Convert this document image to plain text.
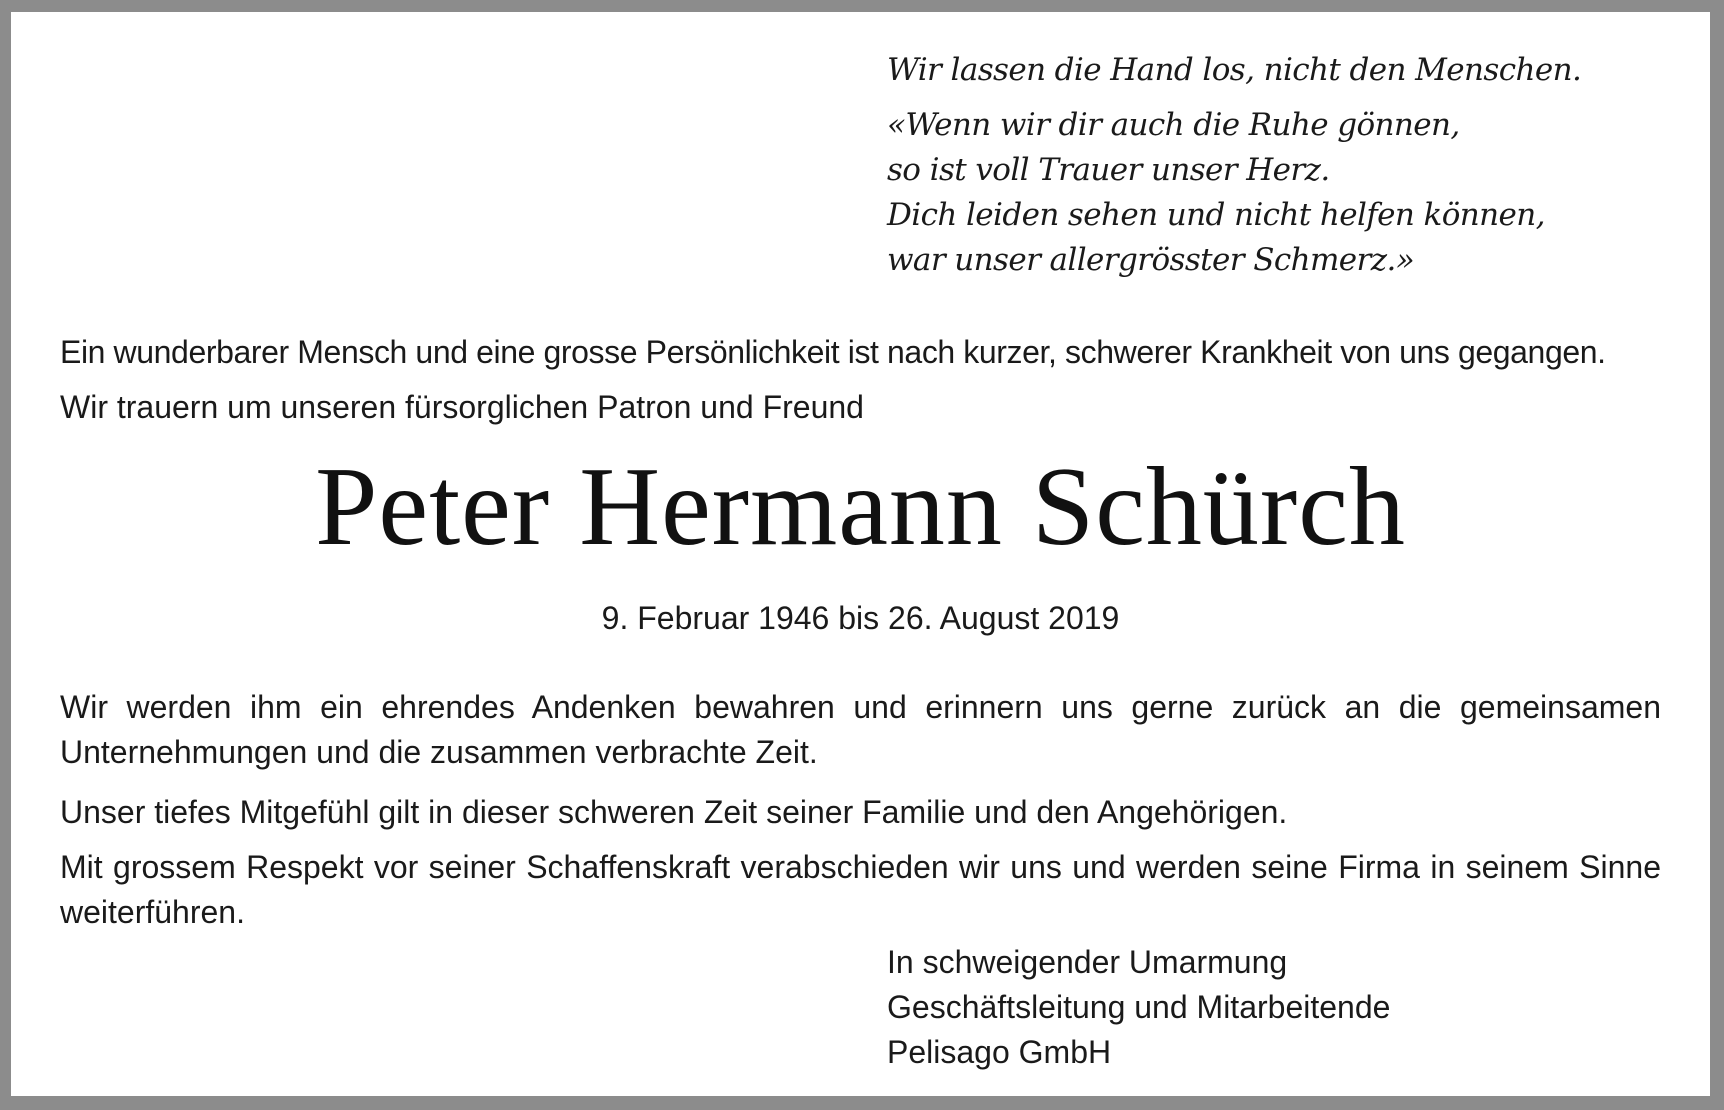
Wir lassen die Hand los, nicht den Menschen.
«Wenn wir dir auch die Ruhe gönnen,
so ist voll Trauer unser Herz.
Dich leiden sehen und nicht helfen können,
war unser allergrösster Schmerz.»
Ein wunderbarer Mensch und eine grosse Persönlichkeit ist nach kurzer, schwerer Krankheit von uns gegangen.
Wir trauern um unseren fürsorglichen Patron und Freund
Peter Hermann Schürch
9. Februar 1946 bis 26. August 2019
Wir werden ihm ein ehrendes Andenken bewahren und erinnern uns gerne zurück an die gemeinsamen Unternehmungen und die zusammen verbrachte Zeit.
Unser tiefes Mitgefühl gilt in dieser schweren Zeit seiner Familie und den Angehörigen.
Mit grossem Respekt vor seiner Schaffenskraft verabschieden wir uns und werden seine Firma in seinem Sinne weiterführen.
In schweigender Umarmung
Geschäftsleitung und Mitarbeitende
Pelisago GmbH
